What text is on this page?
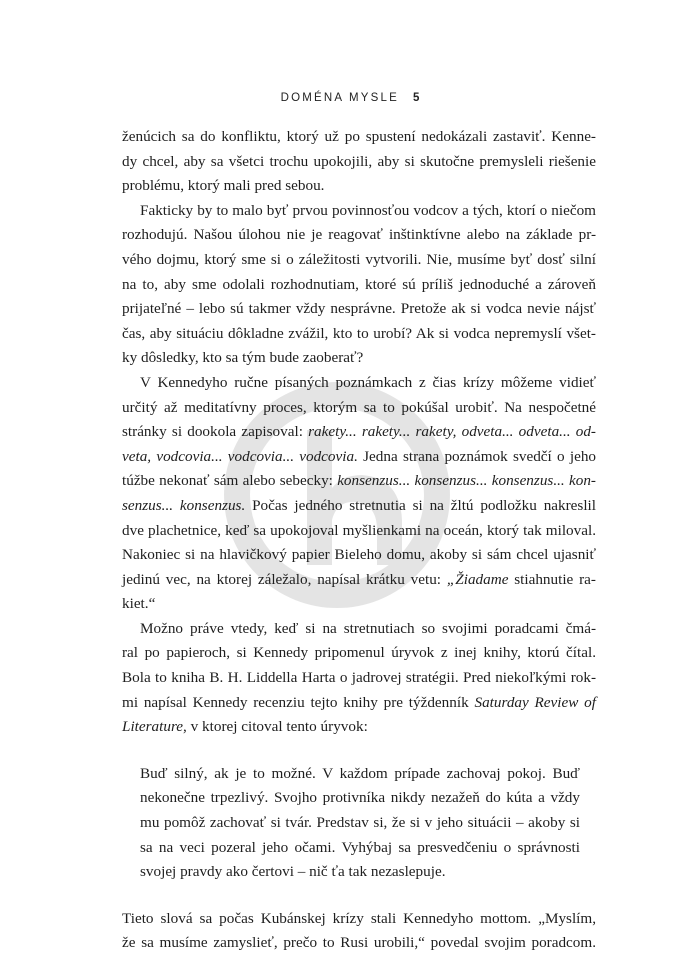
DOMÉNA MYSLE 5

ženúcich sa do konfliktu, ktorý už po spustení nedokázali zastaviť. Kenne-
dy chcel, aby sa všetci trochu upokojili, aby si skutočne premysleli riešenie
problému, ktorý mali pred sebou.

Fakticky by to malo byť prvou povinnosťou vodcov a tých, ktorí o niečom
rozhodujú. Našou úlohou nie je reagovať inštinktívne alebo na základe pr-
vého dojmu, ktorý sme si o záležitosti vytvorili. Nie, musíme byť dosť silní
na to, aby sme odolali rozhodnutiam, ktoré sú príliš jednoduché a zároveň
prijateľné – lebo sú takmer vždy nesprávne. Pretože ak si vodca nevie nájsť
čas, aby situáciu dôkladne zvážil, kto to urobí? Ak si vodca nepremyslí všet-
ky dôsledky, kto sa tým bude zaoberať?

V Kennedyho ručne písaných poznámkach z čias krízy môžeme vidieť
určitý až meditatívny proces, ktorým sa to pokúšal urobiť. Na nespočetné
stránky si dookola zapisoval: rakety... rakety... rakety, odveta... odveta... od-
veta, vodcovia... vodcovia... vodcovia. Jedna strana poznámok svedčí o jeho
túžbe nekonať sám alebo sebecky: konsenzus... konsenzus... konsenzus... kon-
senzus... konsenzus. Počas jedného stretnutia si na žltú podložku nakreslil
dve plachetnice, keď sa upokojoval myšlienkami na oceán, ktorý tak miloval.
Nakoniec si na hlavičkový papier Bieleho domu, akoby si sám chcel ujasniť
jedinú vec, na ktorej záležalo, napísal krátku vetu: „Žiadame stiahnutie ra-
kiet.“

Možno práve vtedy, keď si na stretnutiach so svojimi poradcami čmá-
ral po papieroch, si Kennedy pripomenul úryvok z inej knihy, ktorú čítal.
Bola to kniha B. H. Liddella Harta o jadrovej stratégii. Pred niekoľkými rok-
mi napísal Kennedy recenziu tejto knihy pre týždenník Saturday Review of
Literature, v ktorej citoval tento úryvok:

Buď silný, ak je to možné. V každom prípade zachovaj pokoj. Buď
nekonečne trpezlivý. Svojho protivníka nikdy nezažeň do kúta a vždy
mu pomôž zachovať si tvár. Predstav si, že si v jeho situácii – akoby si
sa na veci pozeral jeho očami. Vyhýbaj sa presvedčeniu o správnosti
svojej pravdy ako čertovi – nič ťa tak nezaslepuje.

Tieto slová sa počas Kubánskej krízy stali Kennedyho mottom. „Myslím,
že sa musíme zamyslieť, prečo to Rusi urobili,“ povedal svojim poradcom.
